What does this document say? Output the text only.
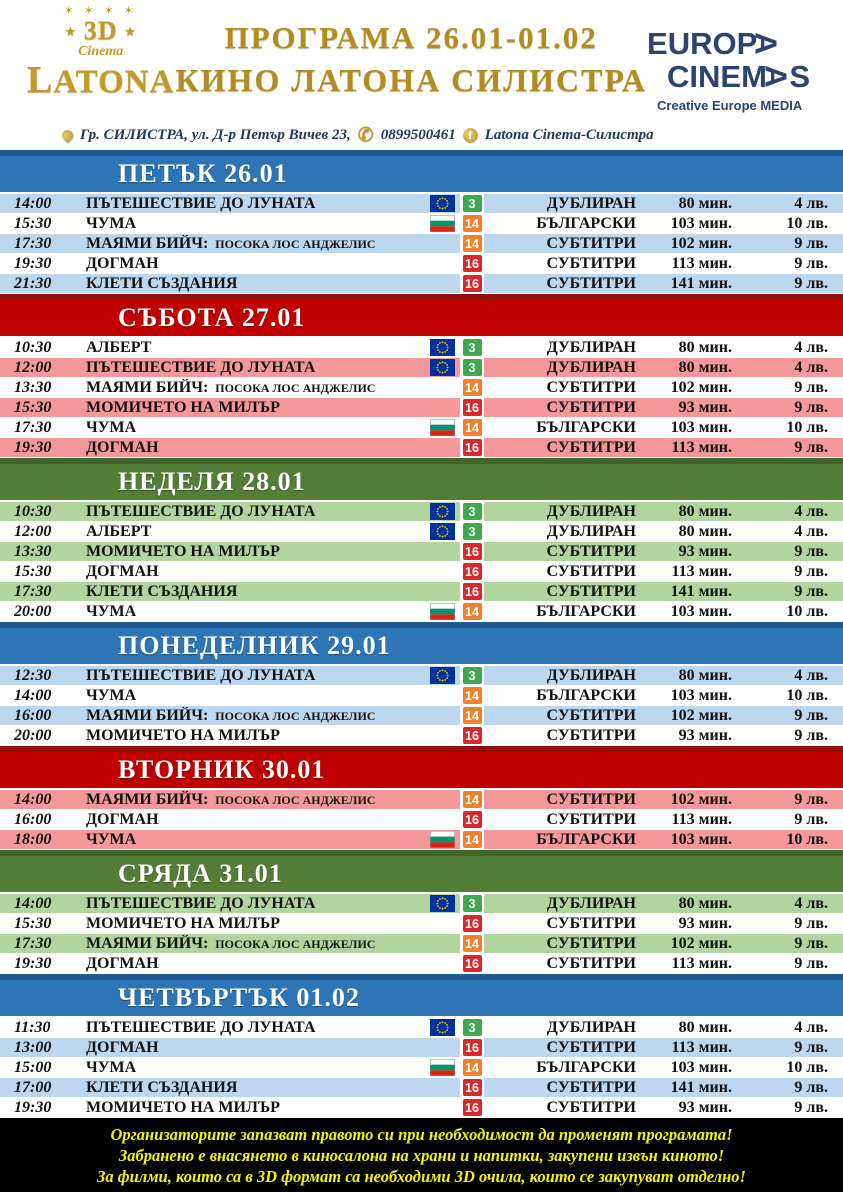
✶ ✶ ✶ ✶
★ 3D ★
Cinema
LATONA
ПРОГРАМА 26.01-01.02
КИНО ЛАТОНА СИЛИСТРА
EUROPA
CINEMAS
Creative Europe MEDIA
Гр. СИЛИСТРА, ул. Д-р Петър Вичев 23, ✆ 0899500461	f Latona Cinema-Силистра
ПЕТЪК 26.01
14:00	ПЪТЕШЕСТВИЕ ДО ЛУНАТА	3	ДУБЛИРАН	80 мин.	4 лв.
15:30	ЧУМА	14	БЪЛГАРСКИ	103 мин.	10 лв.
17:30	МАЯМИ БИЙЧ: ПОСОКА ЛОС АНДЖЕЛИС	14	СУБТИТРИ	102 мин.	9 лв.
19:30	ДОГМАН	16	СУБТИТРИ	113 мин.	9 лв.
21:30	КЛЕТИ СЪЗДАНИЯ	16	СУБТИТРИ	141 мин.	9 лв.
СЪБОТА 27.01
10:30	АЛБЕРТ	3	ДУБЛИРАН	80 мин.	4 лв.
12:00	ПЪТЕШЕСТВИЕ ДО ЛУНАТА	3	ДУБЛИРАН	80 мин.	4 лв.
13:30	МАЯМИ БИЙЧ: ПОСОКА ЛОС АНДЖЕЛИС	14	СУБТИТРИ	102 мин.	9 лв.
15:30	МОМИЧЕТО НА МИЛЪР	16	СУБТИТРИ	93 мин.	9 лв.
17:30	ЧУМА	14	БЪЛГАРСКИ	103 мин.	10 лв.
19:30	ДОГМАН	16	СУБТИТРИ	113 мин.	9 лв.
НЕДЕЛЯ 28.01
10:30	ПЪТЕШЕСТВИЕ ДО ЛУНАТА	3	ДУБЛИРАН	80 мин.	4 лв.
12:00	АЛБЕРТ	3	ДУБЛИРАН	80 мин.	4 лв.
13:30	МОМИЧЕТО НА МИЛЪР	16	СУБТИТРИ	93 мин.	9 лв.
15:30	ДОГМАН	16	СУБТИТРИ	113 мин.	9 лв.
17:30	КЛЕТИ СЪЗДАНИЯ	16	СУБТИТРИ	141 мин.	9 лв.
20:00	ЧУМА	14	БЪЛГАРСКИ	103 мин.	10 лв.
ПОНЕДЕЛНИК 29.01
12:30	ПЪТЕШЕСТВИЕ ДО ЛУНАТА	3	ДУБЛИРАН	80 мин.	4 лв.
14:00	ЧУМА	14	БЪЛГАРСКИ	103 мин.	10 лв.
16:00	МАЯМИ БИЙЧ: ПОСОКА ЛОС АНДЖЕЛИС	14	СУБТИТРИ	102 мин.	9 лв.
20:00	МОМИЧЕТО НА МИЛЪР	16	СУБТИТРИ	93 мин.	9 лв.
ВТОРНИК 30.01
14:00	МАЯМИ БИЙЧ: ПОСОКА ЛОС АНДЖЕЛИС	14	СУБТИТРИ	102 мин.	9 лв.
16:00	ДОГМАН	16	СУБТИТРИ	113 мин.	9 лв.
18:00	ЧУМА	14	БЪЛГАРСКИ	103 мин.	10 лв.
СРЯДА 31.01
14:00	ПЪТЕШЕСТВИЕ ДО ЛУНАТА	3	ДУБЛИРАН	80 мин.	4 лв.
15:30	МОМИЧЕТО НА МИЛЪР	16	СУБТИТРИ	93 мин.	9 лв.
17:30	МАЯМИ БИЙЧ: ПОСОКА ЛОС АНДЖЕЛИС	14	СУБТИТРИ	102 мин.	9 лв.
19:30	ДОГМАН	16	СУБТИТРИ	113 мин.	9 лв.
ЧЕТВЪРТЪК 01.02
11:30	ПЪТЕШЕСТВИЕ ДО ЛУНАТА	3	ДУБЛИРАН	80 мин.	4 лв.
13:00	ДОГМАН	16	СУБТИТРИ	113 мин.	9 лв.
15:00	ЧУМА	14	БЪЛГАРСКИ	103 мин.	10 лв.
17:00	КЛЕТИ СЪЗДАНИЯ	16	СУБТИТРИ	141 мин.	9 лв.
19:30	МОМИЧЕТО НА МИЛЪР	16	СУБТИТРИ	93 мин.	9 лв.
Организаторите запазват правото си при необходимост да променят програмата!
Забранено е внасянето в киносалона на храни и напитки, закупени извън киното!
За филми, които са в 3D формат са необходими 3D очила, които се закупуват отделно!
